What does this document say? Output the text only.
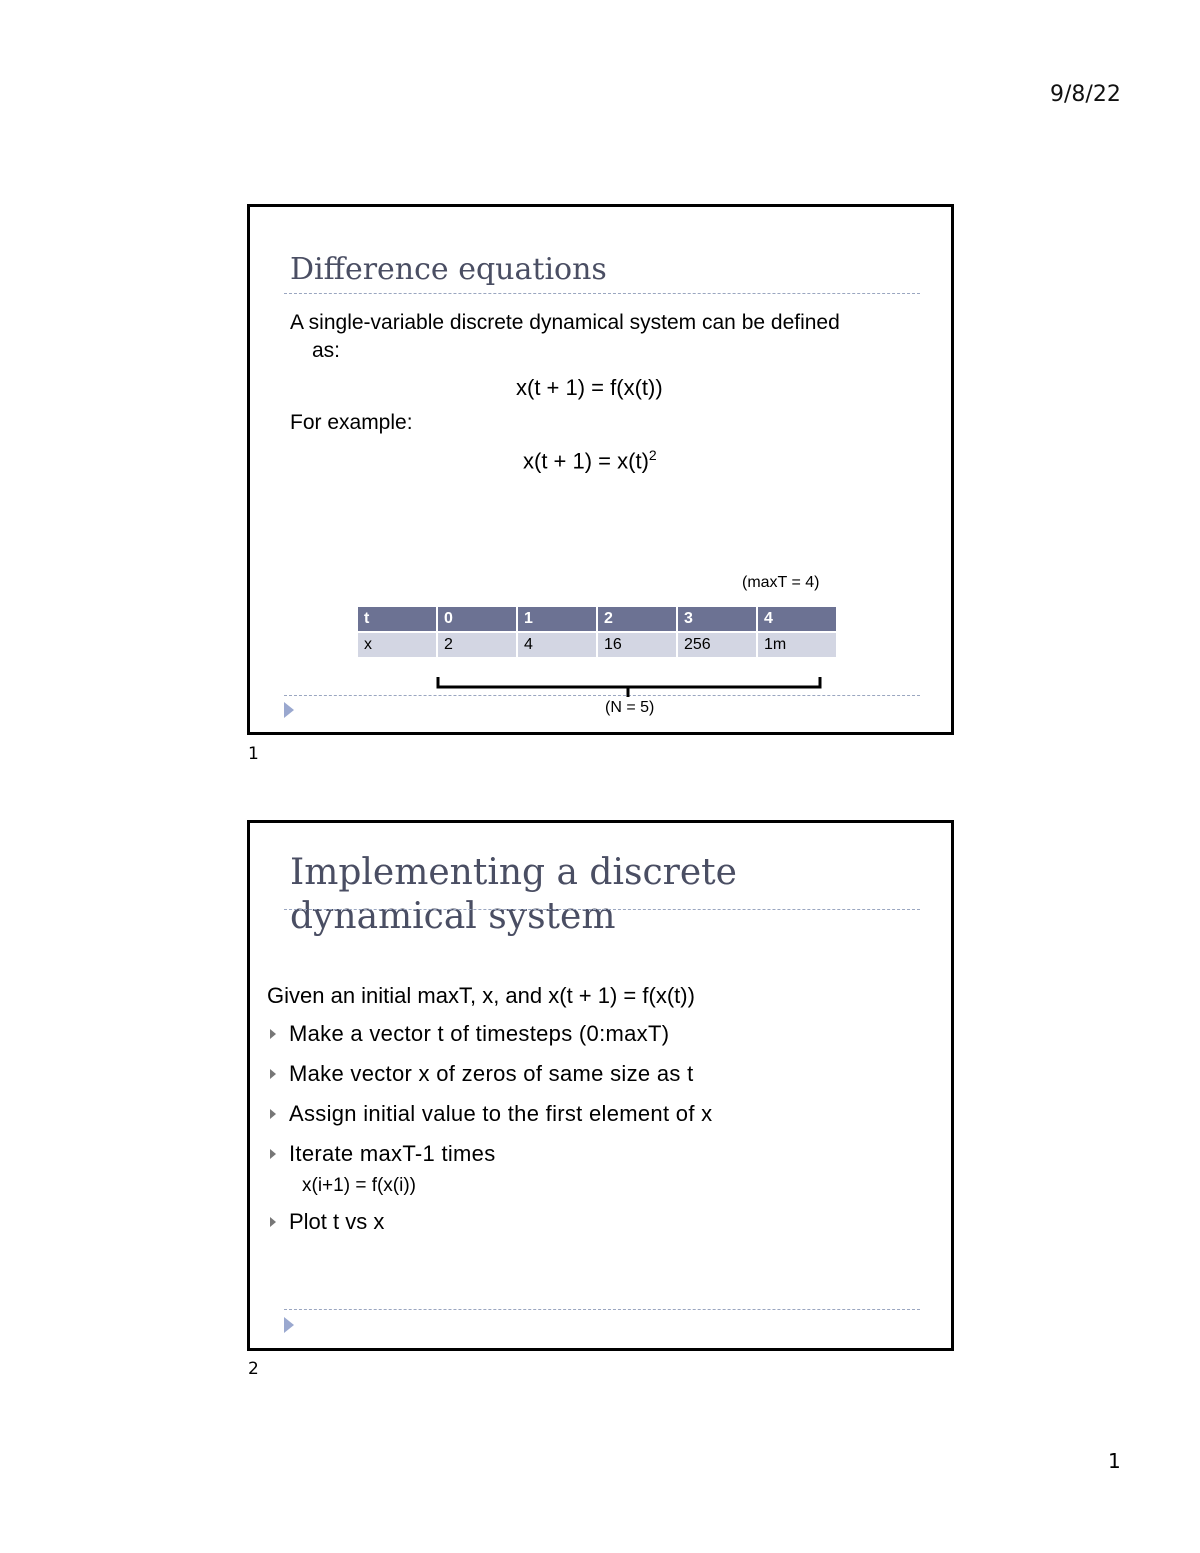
9/8/22
Difference equations
A single-variable discrete dynamical system can be defined
as:
x(t + 1) = f(x(t))
For example:
$x(t + 1) = x(t)^2$
(maxT = 4)
t	0	1	2	3	4
x	2	4	16	256	1m
(N = 5)
1
Implementing a discrete dynamical system
Given an initial maxT, x, and x(t + 1) = f(x(t))
Make a vector t of timesteps (0:maxT)
Make vector x of zeros of same size as t
Assign initial value to the first element of x
Iterate maxT-1 times
x(i+1) = f(x(i))
Plot t vs x
2
1
